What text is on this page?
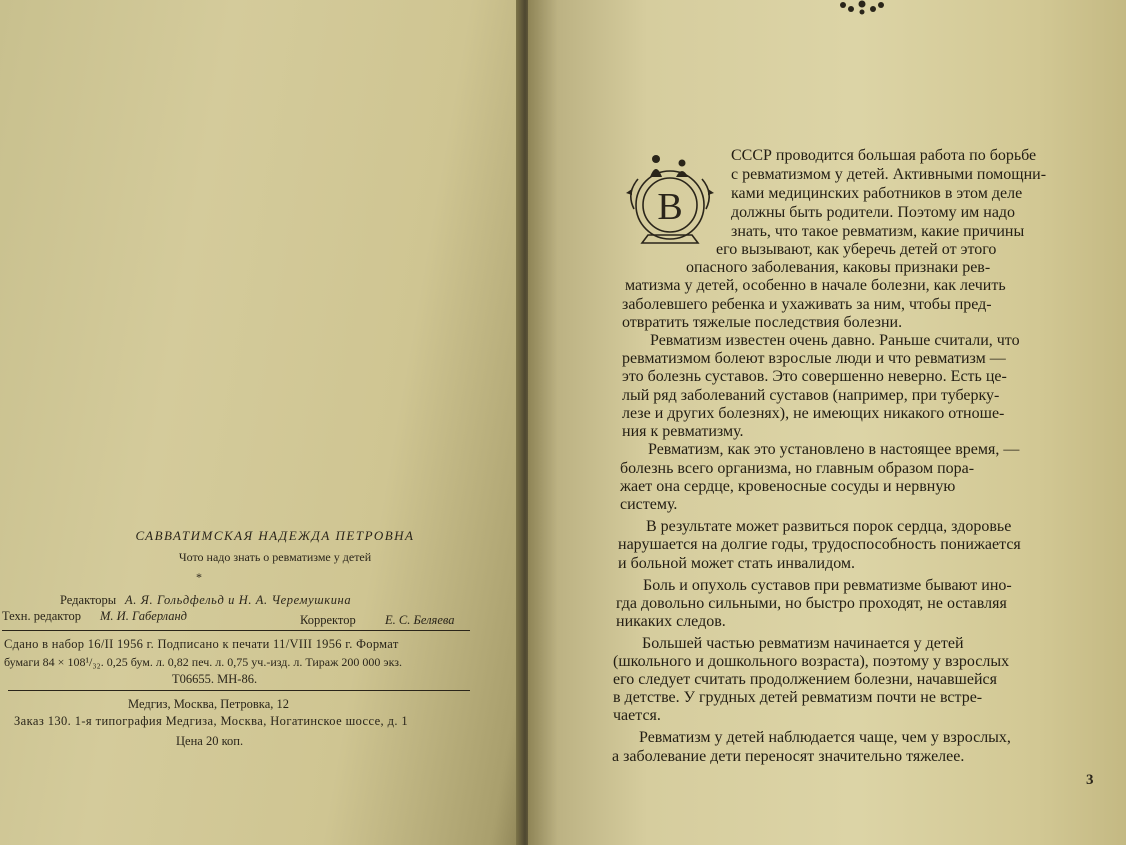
САВВАТИМСКАЯ НАДЕЖДА ПЕТРОВНА
Чото надо знать о ревматизме у детей
*
Редакторы А. Я. Гольдфельд и Н. А. Черемушкина
Техн. редактор М. И. Габерланд	Корректор Е. С. Беляева
Сдано в набор 16/II 1956 г. Подписано к печати 11/VIII 1956 г. Формат
бумаги 84 × 108¹/₃₂. 0,25 бум. л. 0,82 печ. л. 0,75 уч.-изд. л. Тираж 200 000 экз.
Т06655. МН-86.
Медгиз, Москва, Петровка, 12
Заказ 130. 1-я типография Медгиза, Москва, Ногатинское шоссе, д. 1
Цена 20 коп.
В
СССР проводится большая работа по борьбе
с ревматизмом у детей. Активными помощни-
ками медицинских работников в этом деле
должны быть родители. Поэтому им надо
знать, что такое ревматизм, какие причины
его вызывают, как уберечь детей от этого
опасного заболевания, каковы признаки рев-
матизма у детей, особенно в начале болезни, как лечить
заболевшего ребенка и ухаживать за ним, чтобы пред-
отвратить тяжелые последствия болезни.
Ревматизм известен очень давно. Раньше считали, что
ревматизмом болеют взрослые люди и что ревматизм —
это болезнь суставов. Это совершенно неверно. Есть це-
лый ряд заболеваний суставов (например, при туберку-
лезе и других болезнях), не имеющих никакого отноше-
ния к ревматизму.
Ревматизм, как это установлено в настоящее время, —
болезнь всего организма, но главным образом пора-
жает она сердце, кровеносные сосуды и нервную
систему.
В результате может развиться порок сердца, здоровье
нарушается на долгие годы, трудоспособность понижается
и больной может стать инвалидом.
Боль и опухоль суставов при ревматизме бывают ино-
гда довольно сильными, но быстро проходят, не оставляя
никаких следов.
Большей частью ревматизм начинается у детей
(школьного и дошкольного возраста), поэтому у взрослых
его следует считать продолжением болезни, начавшейся
в детстве. У грудных детей ревматизм почти не встре-
чается.
Ревматизм у детей наблюдается чаще, чем у взрослых,
а заболевание дети переносят значительно тяжелее.
3
